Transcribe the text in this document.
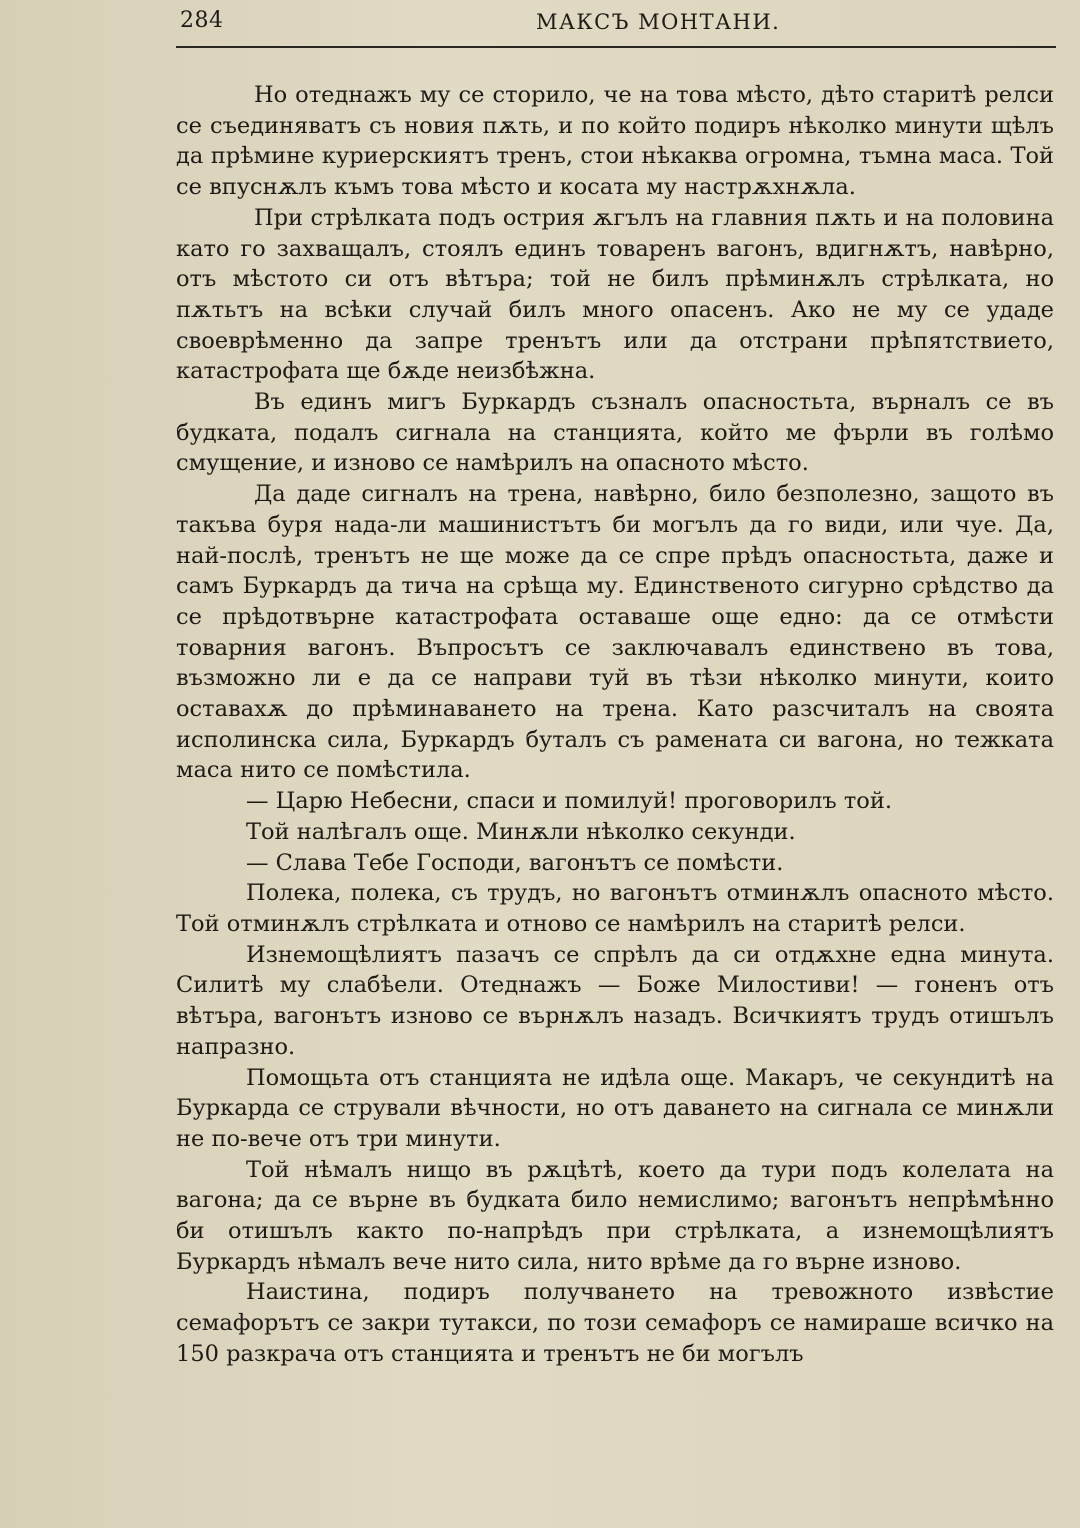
284	МАКСЪ МОНТАНИ.

Но отеднажъ му се сторило, че на това мѣсто, дѣто старитѣ релси се съединяватъ съ новия пѫть, и по който подиръ нѣколко минути щѣлъ да прѣмине куриерскиятъ тренъ, стои нѣкаква огромна, тъмна маса. Той се впуснѫлъ къмъ това мѣсто и косата му настрѫхнѫла.

При стрѣлката подъ острия ѫгълъ на главния пѫть и на половина като го захващалъ, стоялъ единъ товаренъ вагонъ, вдигнѫтъ, навѣрно, отъ мѣстото си отъ вѣтъра; той не билъ прѣминѫлъ стрѣлката, но пѫтьтъ на всѣки случай билъ много опасенъ. Ако не му се удаде своеврѣменно да запре тренътъ или да отстрани прѣпятствието, катастрофата ще бѫде неизбѣжна.

Въ единъ мигъ Буркардъ съзналъ опасностьта, върналъ се въ будката, подалъ сигнала на станцията, който ме фърли въ голѣмо смущение, и изново се намѣрилъ на опасното мѣсто.

Да даде сигналъ на трена, навѣрно, било безполезно, защото въ такъва буря нада-ли машинистътъ би могълъ да го види, или чуе. Да, най-послѣ, тренътъ не ще може да се спре прѣдъ опасностьта, даже и самъ Буркардъ да тича на срѣща му. Единственото сигурно срѣдство да се прѣдотвърне катастрофата оставаше още едно: да се отмѣсти товарния вагонъ. Въпросътъ се заключавалъ единствено въ това, възможно ли е да се направи туй въ тѣзи нѣколко минути, които оставахѫ до прѣминаването на трена. Като разсчиталъ на своята исполинска сила, Буркардъ буталъ съ рамената си вагона, но тежката маса нито се помѣстила.

— Царю Небесни, спаси и помилуй! проговорилъ той.

Той налѣгалъ още. Минѫли нѣколко секунди.

— Слава Тебе Господи, вагонътъ се помѣсти.

Полека, полека, съ трудъ, но вагонътъ отминѫлъ опасното мѣсто. Той отминѫлъ стрѣлката и отново се намѣрилъ на старитѣ релси.

Изнемощѣлиятъ пазачъ се спрѣлъ да си отдѫхне една минута. Силитѣ му слабѣели. Отеднажъ — Боже Милостиви! — гоненъ отъ вѣтъра, вагонътъ изново се върнѫлъ назадъ. Всичкиятъ трудъ отишълъ напразно.

Помощьта отъ станцията не идѣла още. Макаръ, че секундитѣ на Буркарда се стрували вѣчности, но отъ даването на сигнала се минѫли не по-вече отъ три минути.

Той нѣмалъ нищо въ рѫцѣтѣ, което да тури подъ колелата на вагона; да се върне въ будката било немислимо; вагонътъ непрѣмѣнно би отишълъ както по-напрѣдъ при стрѣлката, а изнемощѣлиятъ Буркардъ нѣмалъ вече нито сила, нито врѣме да го върне изново.

Наистина, подиръ получването на тревожното извѣстие семафорътъ се закри тутакси, по този семафоръ се намираше всичко на 150 разкрача отъ станцията и тренътъ не би могълъ
